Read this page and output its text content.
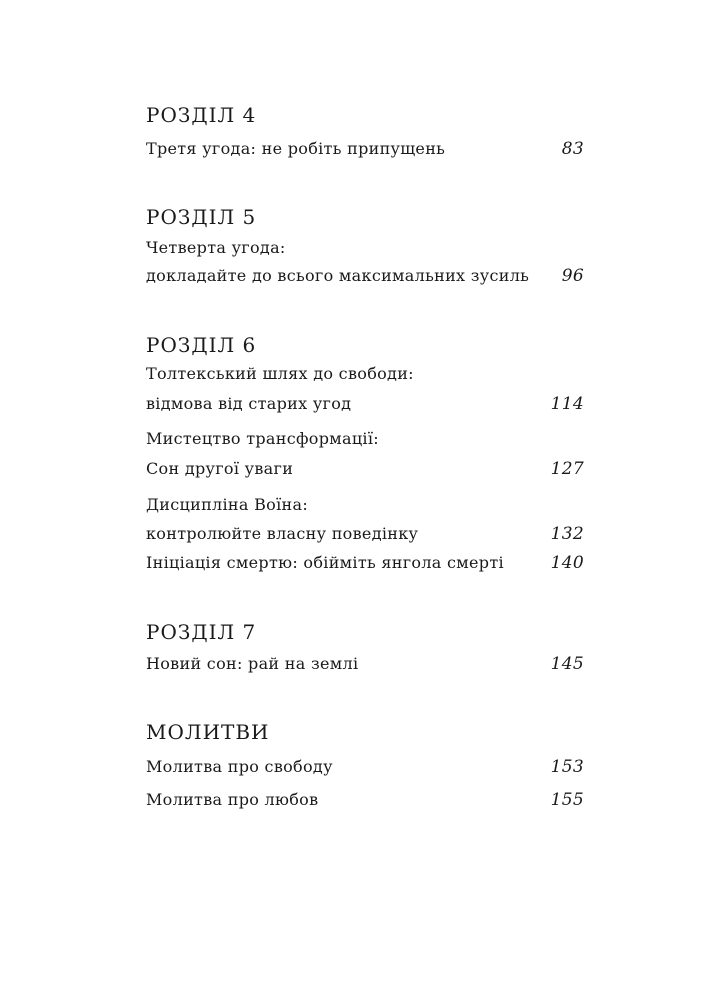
РОЗДІЛ 4
Третя угода: не робіть припущень	83
РОЗДІЛ 5
Четверта угода:
докладайте до всього максимальних зусиль 96
РОЗДІЛ 6
Толтекський шлях до свободи:
відмова від старих угод	114
Мистецтво трансформації:
Сон другої уваги	127
Дисципліна Воїна:
контролюйте власну поведінку	132
Ініціація смертю: обійміть янгола смерті	140
РОЗДІЛ 7
Новий сон: рай на землі	145
МОЛИТВИ
Молитва про свободу	153
Молитва про любов	155
